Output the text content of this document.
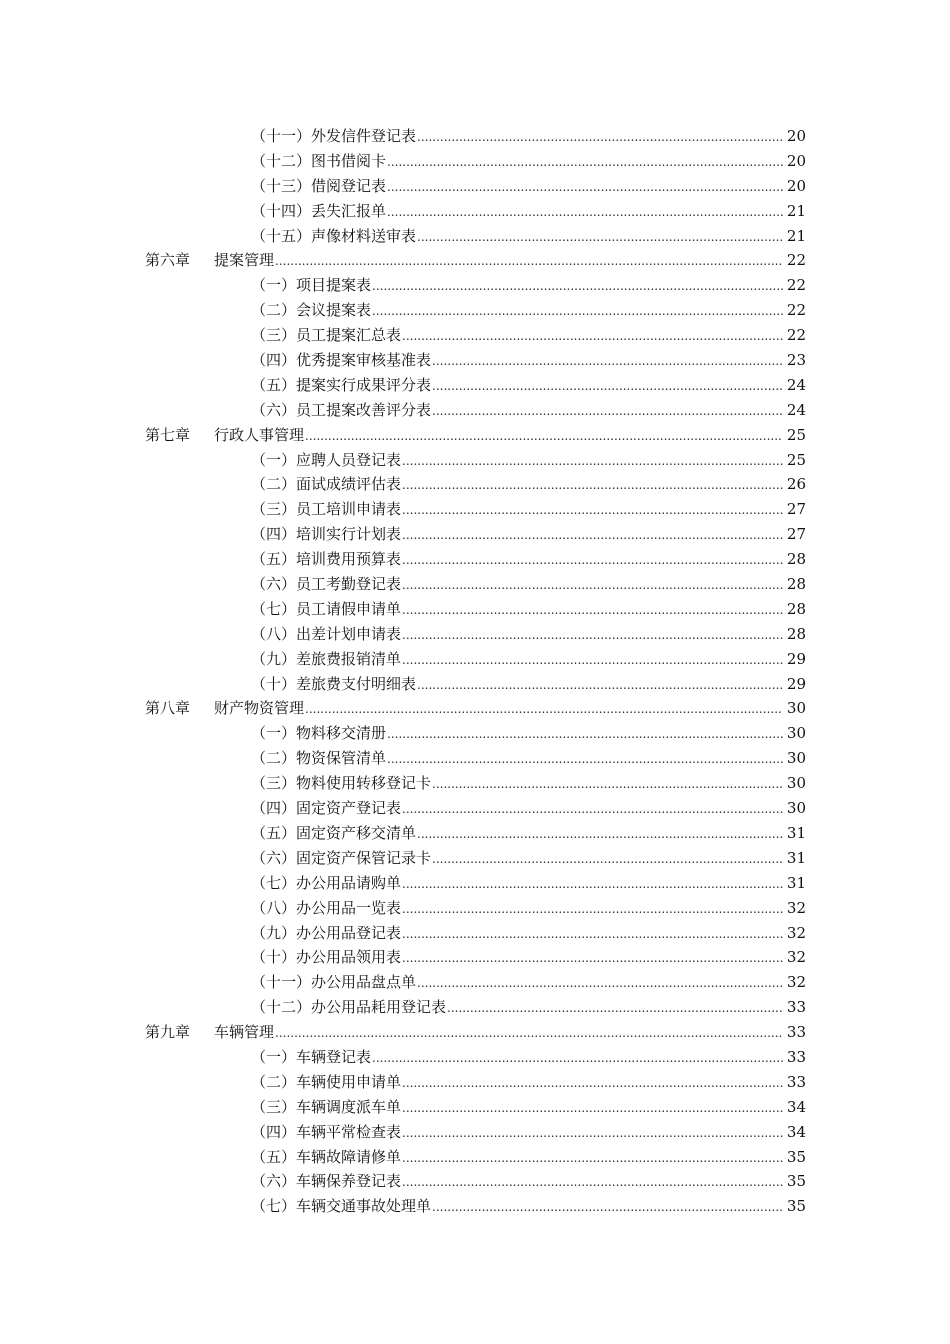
（十一）外发信件登记表 .....	20
（十二）图书借阅卡 .....	20
（十三）借阅登记表 .....	20
（十四）丢失汇报单 .....	21
（十五）声像材料送审表 .....	21
第六章 提案管理 .....	22
（一）项目提案表 .....	22
（二）会议提案表 .....	22
（三）员工提案汇总表 .....	22
（四）优秀提案审核基准表 .....	23
（五）提案实行成果评分表 .....	24
（六）员工提案改善评分表 .....	24
第七章 行政人事管理 .....	25
（一）应聘人员登记表 .....	25
（二）面试成绩评估表 .....	26
（三）员工培训申请表 .....	27
（四）培训实行计划表 .....	27
（五）培训费用预算表 .....	28
（六）员工考勤登记表 .....	28
（七）员工请假申请单 .....	28
（八）出差计划申请表 .....	28
（九）差旅费报销清单 .....	29
（十）差旅费支付明细表 .....	29
第八章 财产物资管理 .....	30
（一）物料移交清册 .....	30
（二）物资保管清单 .....	30
（三）物料使用转移登记卡 .....	30
（四）固定资产登记表 .....	30
（五）固定资产移交清单 .....	31
（六）固定资产保管记录卡 .....	31
（七）办公用品请购单 .....	31
（八）办公用品一览表 .....	32
（九）办公用品登记表 .....	32
（十）办公用品领用表 .....	32
（十一）办公用品盘点单 .....	32
（十二）办公用品耗用登记表 .....	33
第九章 车辆管理 .....	33
（一）车辆登记表 .....	33
（二）车辆使用申请单 .....	33
（三）车辆调度派车单 .....	34
（四）车辆平常检查表 .....	34
（五）车辆故障请修单 .....	35
（六）车辆保养登记表 .....	35
（七）车辆交通事故处理单 .....	35
